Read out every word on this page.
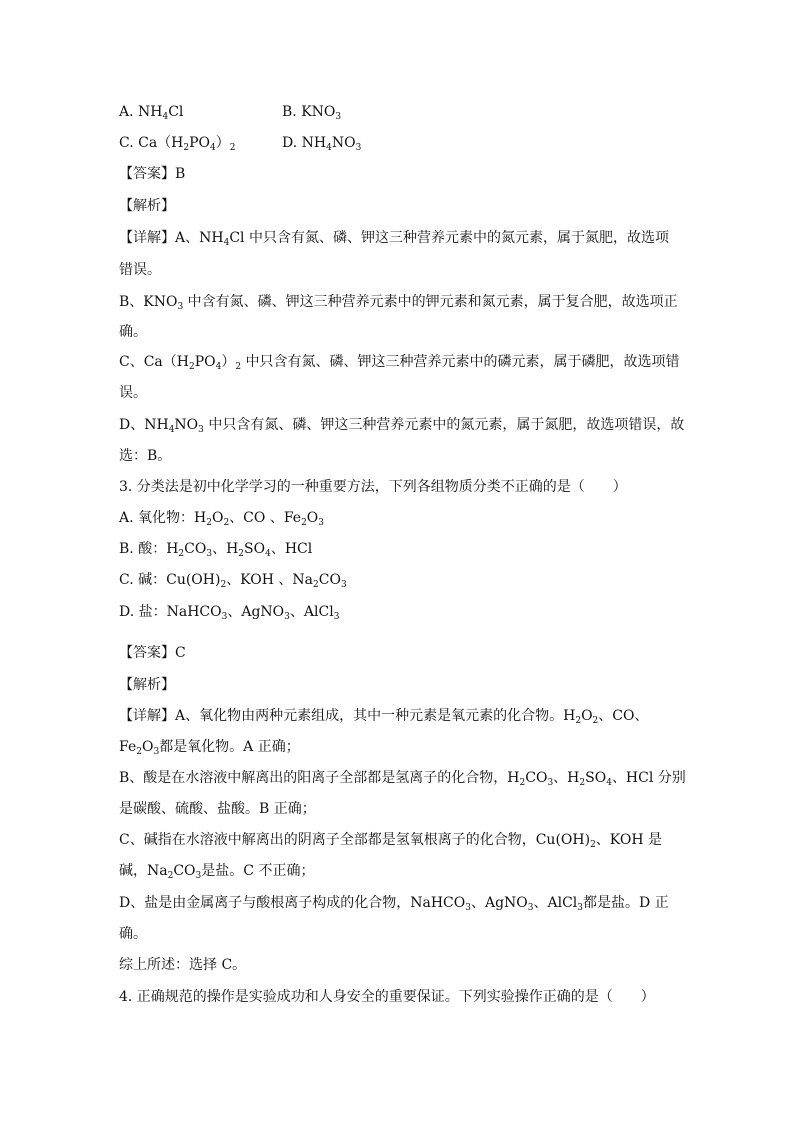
A. $NH_4Cl$	B. $KNO_3$
C. $Ca(H_2PO_4)_2$	D. $NH_4NO_3$
【答案】B
【解析】
【详解】A、$NH_4Cl$ 中只含有氮、磷、钾这三种营养元素中的氮元素，属于氮肥，故选项
错误。
B、$KNO_3$ 中含有氮、磷、钾这三种营养元素中的钾元素和氮元素，属于复合肥，故选项正
确。
C、$Ca(H_2PO_4)_2$ 中只含有氮、磷、钾这三种营养元素中的磷元素，属于磷肥，故选项错
误。
D、$NH_4NO_3$ 中只含有氮、磷、钾这三种营养元素中的氮元素，属于氮肥，故选项错误，故
选：B。
3. 分类法是初中化学学习的一种重要方法，下列各组物质分类不正确的是（　　）
A. 氧化物：$H_2O_2$、CO 、$Fe_2O_3$
B. 酸：$H_2CO_3$、$H_2SO_4$、HCl
C. 碱：$Cu(OH)_2$、KOH 、$Na_2CO_3$
D. 盐：NaHCO$_3$、AgNO$_3$、AlCl$_3$
【答案】C
【解析】
【详解】A、氧化物由两种元素组成，其中一种元素是氧元素的化合物。$H_2O_2$、CO、
$Fe_2O_3$都是氧化物。A 正确；
B、酸是在水溶液中解离出的阳离子全部都是氢离子的化合物，$H_2CO_3$、$H_2SO_4$、HCl 分别
是碳酸、硫酸、盐酸。B 正确；
C、碱指在水溶液中解离出的阴离子全部都是氢氧根离子的化合物，$Cu(OH)_2$、KOH 是
碱，$Na_2CO_3$是盐。C 不正确；
D、盐是由金属离子与酸根离子构成的化合物，NaHCO$_3$、AgNO$_3$、AlCl$_3$都是盐。D 正
确。
综上所述：选择 C。
4. 正确规范的操作是实验成功和人身安全的重要保证。下列实验操作正确的是（　　）
